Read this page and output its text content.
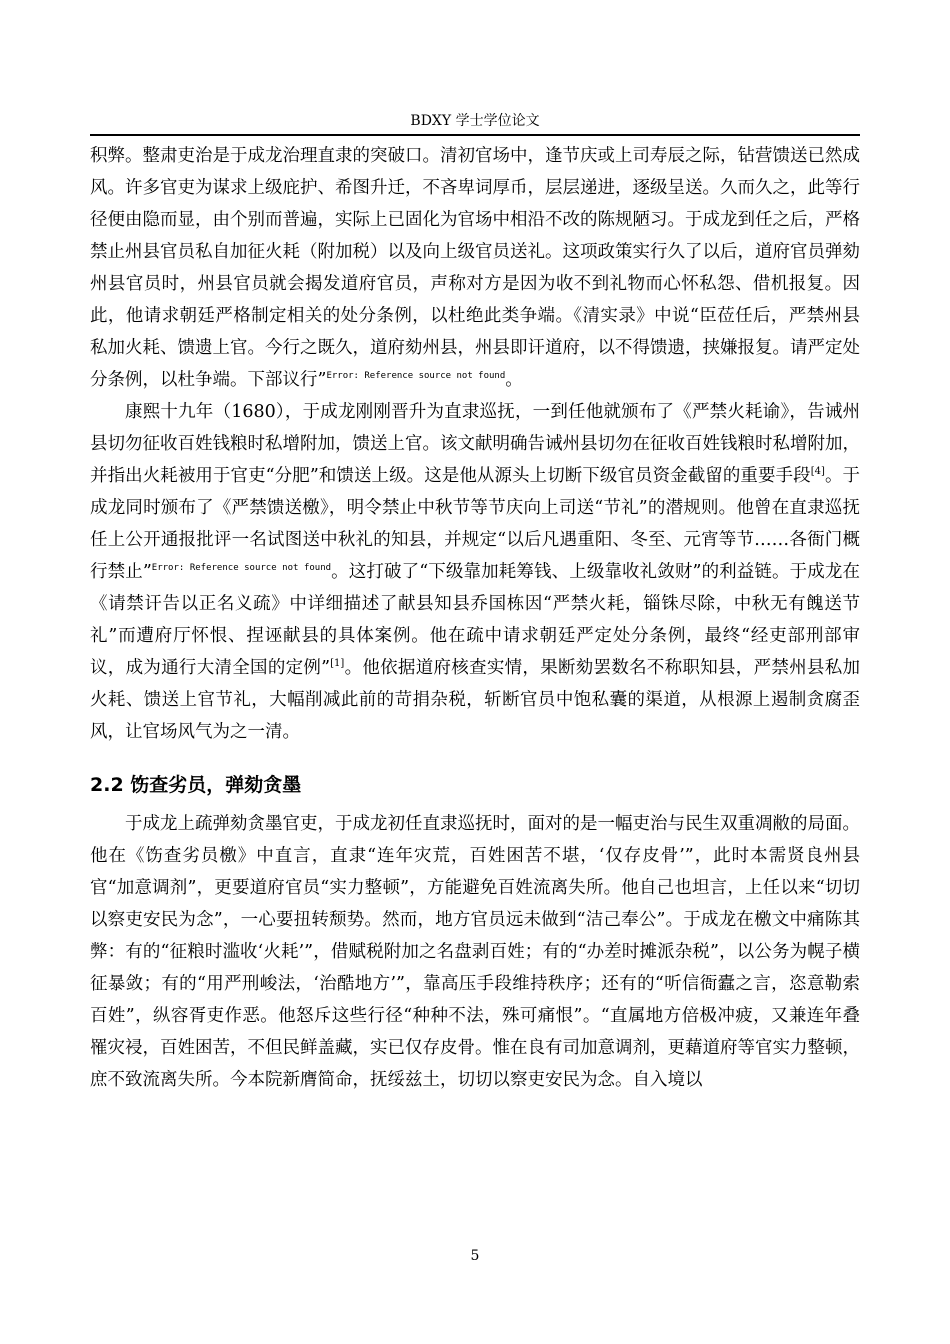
BDXY 学士学位论文

积弊。整肃吏治是于成龙治理直隶的突破口。清初官场中，逢节庆或上司寿辰之际，钻营馈送已然成风。许多官吏为谋求上级庇护、希图升迁，不吝卑词厚币，层层递进，逐级呈送。久而久之，此等行径便由隐而显，由个别而普遍，实际上已固化为官场中相沿不改的陈规陋习。于成龙到任之后，严格禁止州县官员私自加征火耗（附加税）以及向上级官员送礼。这项政策实行久了以后，道府官员弹劾州县官员时，州县官员就会揭发道府官员，声称对方是因为收不到礼物而心怀私怨、借机报复。因此，他请求朝廷严格制定相关的处分条例，以杜绝此类争端。《清实录》中说“臣莅任后，严禁州县私加火耗、馈遗上官。今行之既久，道府劾州县，州县即讦道府，以不得馈遗，挟嫌报复。请严定处分条例，以杜争端。下部议行”$^{Error: Reference source not found}$。

康熙十九年（1680），于成龙刚刚晋升为直隶巡抚，一到任他就颁布了《严禁火耗谕》，告诫州县切勿征收百姓钱粮时私增附加，馈送上官。该文献明确告诫州县切勿在征收百姓钱粮时私增附加，并指出火耗被用于官吏“分肥”和馈送上级。这是他从源头上切断下级官员资金截留的重要手段[4]。于成龙同时颁布了《严禁馈送檄》，明令禁止中秋节等节庆向上司送“节礼”的潜规则。他曾在直隶巡抚任上公开通报批评一名试图送中秋礼的知县，并规定“以后凡遇重阳、冬至、元宵等节……各衙门概行禁止”$^{Error: Reference source not found}$。这打破了“下级靠加耗筹钱、上级靠收礼敛财”的利益链。于成龙在《请禁讦告以正名义疏》中详细描述了献县知县乔国栋因“严禁火耗，锱铢尽除，中秋无有餽送节礼”而遭府厅怀恨、捏诬献县的具体案例。他在疏中请求朝廷严定处分条例，最终“经吏部刑部审议，成为通行大清全国的定例”[1]。他依据道府核查实情，果断劾罢数名不称职知县，严禁州县私加火耗、馈送上官节礼，大幅削减此前的苛捐杂税，斩断官员中饱私囊的渠道，从根源上遏制贪腐歪风，让官场风气为之一清。

2.2 饬查劣员，弹劾贪墨

于成龙上疏弹劾贪墨官吏，于成龙初任直隶巡抚时，面对的是一幅吏治与民生双重凋敝的局面。他在《饬查劣员檄》中直言，直隶“连年灾荒，百姓困苦不堪，‘仅存皮骨’”，此时本需贤良州县官“加意调剂”，更要道府官员“实力整顿”，方能避免百姓流离失所。他自己也坦言，上任以来“切切以察吏安民为念”，一心要扭转颓势。然而，地方官员远未做到“洁己奉公”。于成龙在檄文中痛陈其弊：有的“征粮时滥收‘火耗’”，借赋税附加之名盘剥百姓；有的“办差时摊派杂税”，以公务为幌子横征暴敛；有的“用严刑峻法，‘治酷地方’”，靠高压手段维持秩序；还有的“听信衙蠹之言，恣意勒索百姓”，纵容胥吏作恶。他怒斥这些行径“种种不法，殊可痛恨”。“直属地方倍极冲疲，又兼连年叠罹灾祲，百姓困苦，不但民鲜盖藏，实已仅存皮骨。惟在良有司加意调剂，更藉道府等官实力整顿，庶不致流离失所。今本院新膺简命，抚绥兹土，切切以察吏安民为念。自入境以

5
